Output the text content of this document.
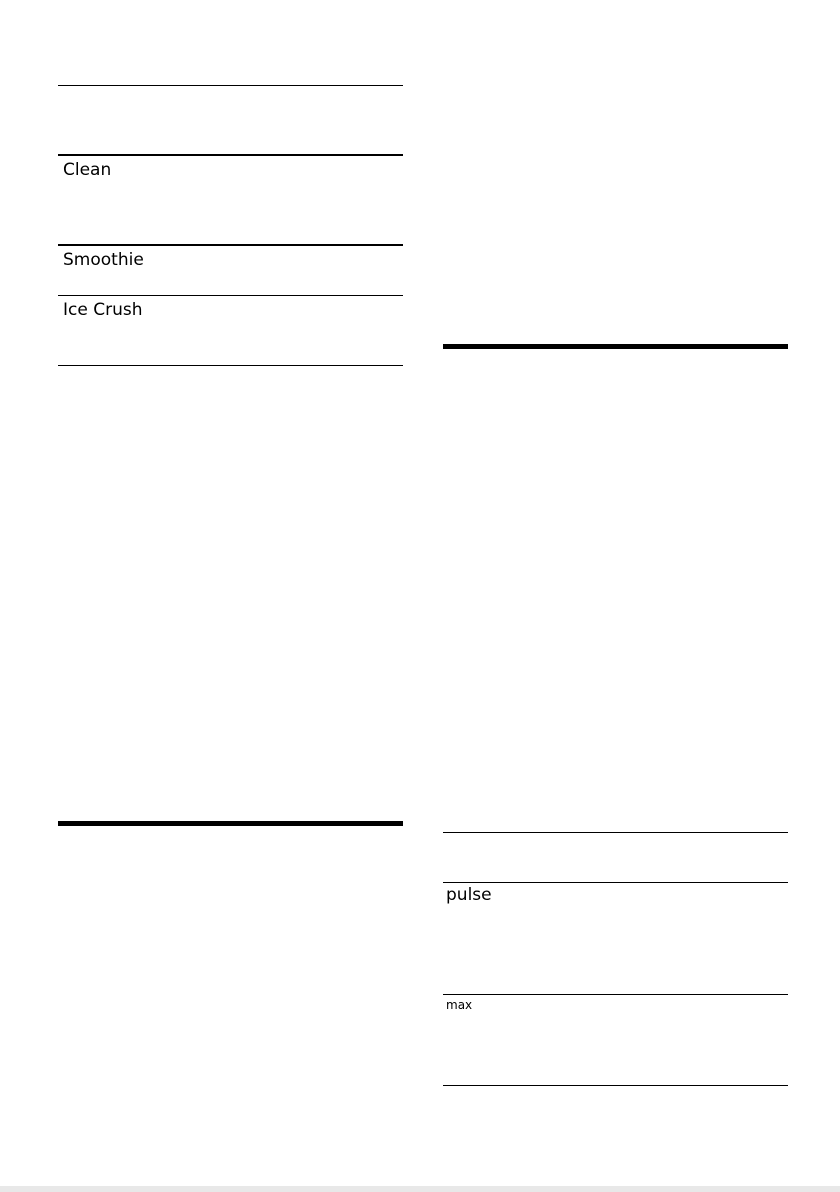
Clean
Smoothie
Ice Crush
pulse
max
